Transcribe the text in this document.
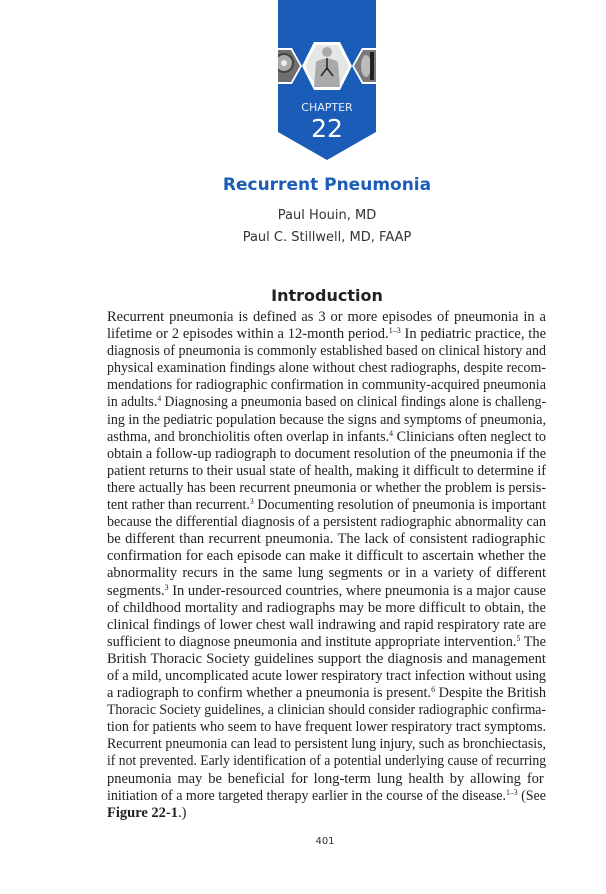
CHAPTER
22
Recurrent Pneumonia
Paul Houin, MD
Paul C. Stillwell, MD, FAAP
Introduction
Recurrent pneumonia is defined as 3 or more episodes of pneumonia in a
lifetime or 2 episodes within a 12-month period.$^{1-3}$ In pediatric practice, the
diagnosis of pneumonia is commonly established based on clinical history and
physical examination findings alone without chest radiographs, despite recom-
mendations for radiographic confirmation in community-acquired pneumonia
in adults.$^4$ Diagnosing a pneumonia based on clinical findings alone is challeng-
ing in the pediatric population because the signs and symptoms of pneumonia,
asthma, and bronchiolitis often overlap in infants.$^4$ Clinicians often neglect to
obtain a follow-up radiograph to document resolution of the pneumonia if the
patient returns to their usual state of health, making it difficult to determine if
there actually has been recurrent pneumonia or whether the problem is persis-
tent rather than recurrent.$^3$ Documenting resolution of pneumonia is important
because the differential diagnosis of a persistent radiographic abnormality can
be different than recurrent pneumonia. The lack of consistent radiographic
confirmation for each episode can make it difficult to ascertain whether the
abnormality recurs in the same lung segments or in a variety of different
segments.$^3$ In under-resourced countries, where pneumonia is a major cause
of childhood mortality and radiographs may be more difficult to obtain, the
clinical findings of lower chest wall indrawing and rapid respiratory rate are
sufficient to diagnose pneumonia and institute appropriate intervention.$^5$ The
British Thoracic Society guidelines support the diagnosis and management
of a mild, uncomplicated acute lower respiratory tract infection without using
a radiograph to confirm whether a pneumonia is present.$^6$ Despite the British
Thoracic Society guidelines, a clinician should consider radiographic confirma-
tion for patients who seem to have frequent lower respiratory tract symptoms.
Recurrent pneumonia can lead to persistent lung injury, such as bronchiectasis,
if not prevented. Early identification of a potential underlying cause of recurring
pneumonia may be beneficial for long-term lung health by allowing for
initiation of a more targeted therapy earlier in the course of the disease.$^{1-3}$ (See
Figure 22-1.)
401
